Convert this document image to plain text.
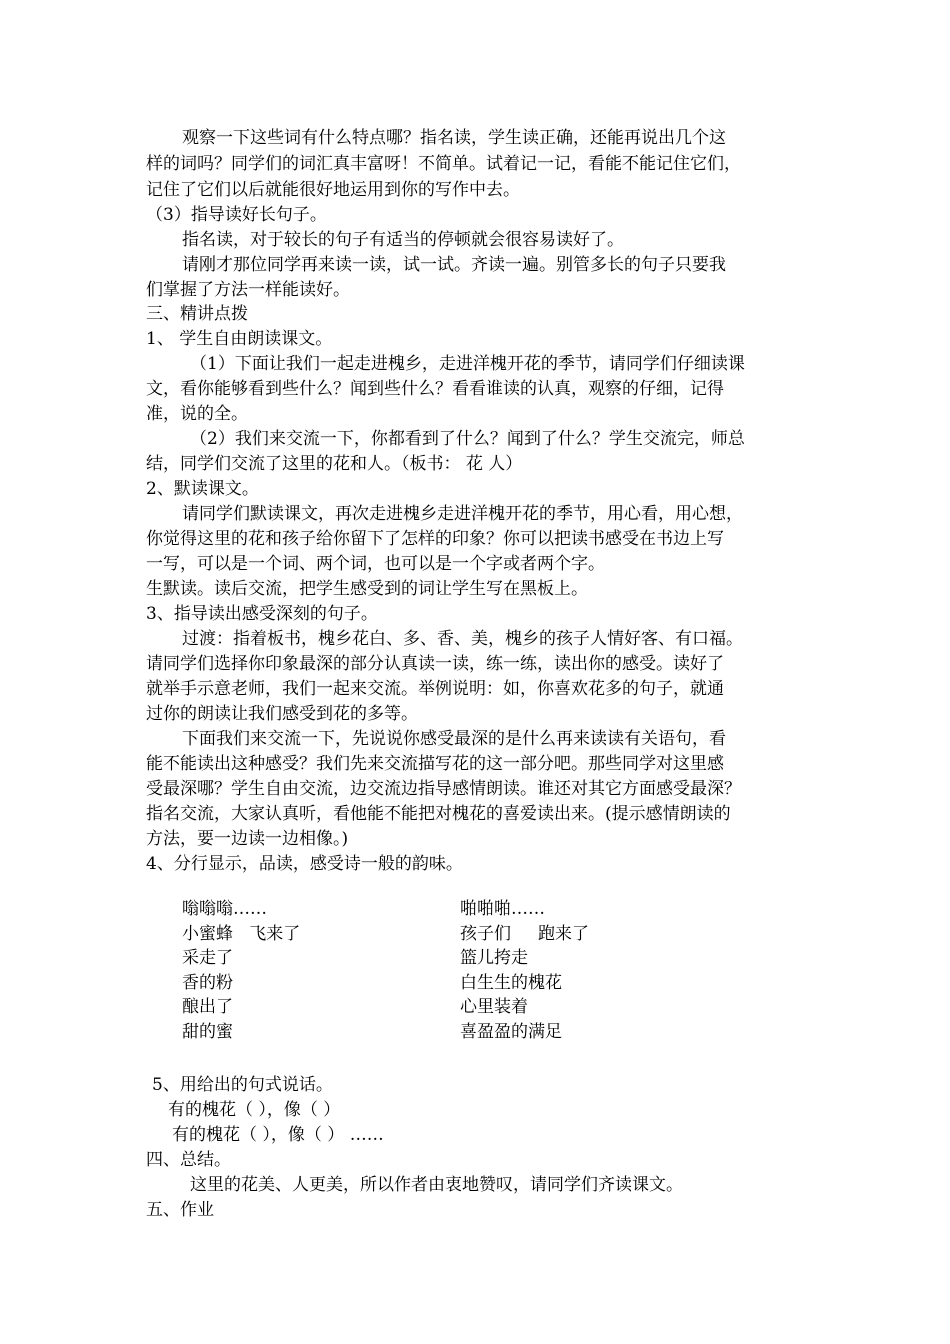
观察一下这些词有什么特点哪？指名读，学生读正确，还能再说出几个这
样的词吗？同学们的词汇真丰富呀！不简单。试着记一记，看能不能记住它们，
记住了它们以后就能很好地运用到你的写作中去。
（3）指导读好长句子。
指名读，对于较长的句子有适当的停顿就会很容易读好了。
请刚才那位同学再来读一读，试一试。齐读一遍。别管多长的句子只要我
们掌握了方法一样能读好。
三、精讲点拨
1、 学生自由朗读课文。
（1）下面让我们一起走进槐乡，走进洋槐开花的季节，请同学们仔细读课
文，看你能够看到些什么？闻到些什么？看看谁读的认真，观察的仔细，记得
准，说的全。
（2）我们来交流一下，你都看到了什么？闻到了什么？学生交流完，师总
结，同学们交流了这里的花和人。（板书： 花 人）
2、默读课文。
请同学们默读课文，再次走进槐乡走进洋槐开花的季节，用心看，用心想，
你觉得这里的花和孩子给你留下了怎样的印象？你可以把读书感受在书边上写
一写，可以是一个词、两个词，也可以是一个字或者两个字。
生默读。读后交流，把学生感受到的词让学生写在黑板上。
3、指导读出感受深刻的句子。
过渡：指着板书，槐乡花白、多、香、美，槐乡的孩子人情好客、有口福。
请同学们选择你印象最深的部分认真读一读，练一练，读出你的感受。读好了
就举手示意老师，我们一起来交流。举例说明：如，你喜欢花多的句子，就通
过你的朗读让我们感受到花的多等。
下面我们来交流一下，先说说你感受最深的是什么再来读读有关语句，看
能不能读出这种感受？我们先来交流描写花的这一部分吧。那些同学对这里感
受最深哪？学生自由交流，边交流边指导感情朗读。谁还对其它方面感受最深？
指名交流，大家认真听，看他能不能把对槐花的喜爱读出来。(提示感情朗读的
方法，要一边读一边相像。)
4、分行显示，品读，感受诗一般的韵味。
嗡嗡嗡……
小蜜蜂   飞来了
采走了
香的粉
酿出了
甜的蜜
啪啪啪……
孩子们     跑来了
篮儿挎走
白生生的槐花
心里装着
喜盈盈的满足
5、用给出的句式说话。
有的槐花（ ），像（ ）
有的槐花（ ），像（ ） ……
四、总结。
这里的花美、人更美，所以作者由衷地赞叹，请同学们齐读课文。
五、作业
